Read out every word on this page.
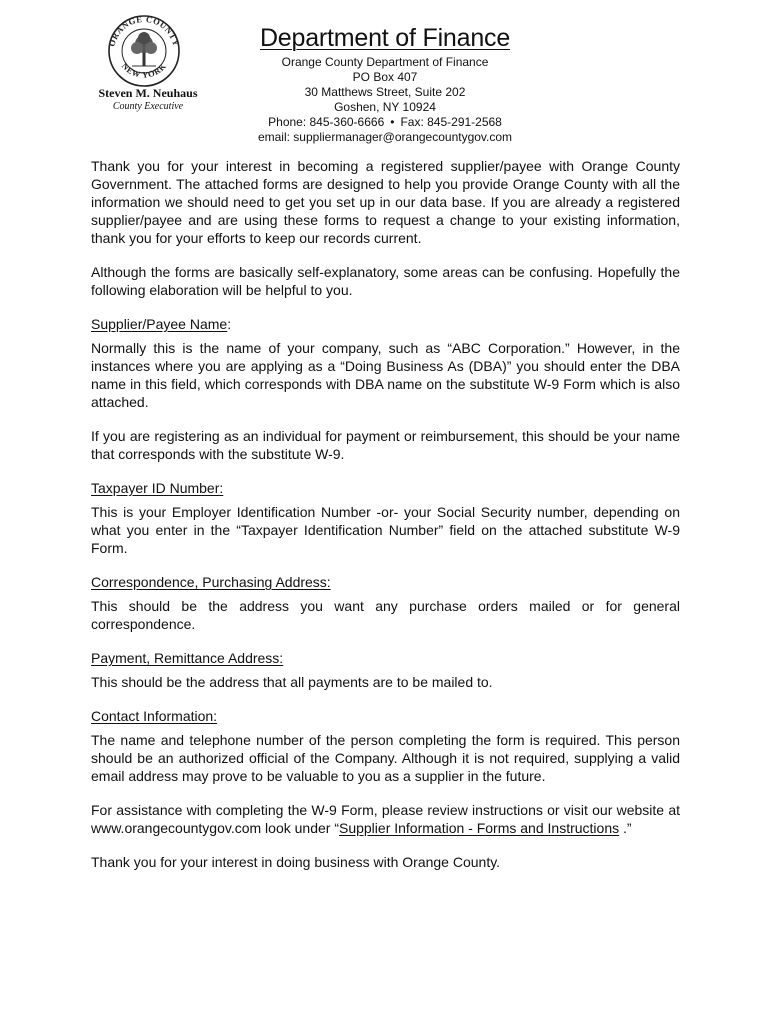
ORANGE COUNTY
NEW YORK
Steven M. Neuhaus
County Executive
Department of Finance
Orange County Department of Finance
PO Box 407
30 Matthews Street, Suite 202
Goshen, NY 10924
Phone: 845-360-6666 • Fax: 845-291-2568
email: suppliermanager@orangecountygov.com

Thank you for your interest in becoming a registered supplier/payee with Orange County Government. The attached forms are designed to help you provide Orange County with all the information we should need to get you set up in our data base. If you are already a registered supplier/payee and are using these forms to request a change to your existing information, thank you for your efforts to keep our records current.

Although the forms are basically self-explanatory, some areas can be confusing. Hopefully the following elaboration will be helpful to you.

Supplier/Payee Name:

Normally this is the name of your company, such as “ABC Corporation.” However, in the instances where you are applying as a “Doing Business As (DBA)” you should enter the DBA name in this field, which corresponds with DBA name on the substitute W-9 Form which is also attached.

If you are registering as an individual for payment or reimbursement, this should be your name that corresponds with the substitute W-9.

Taxpayer ID Number:

This is your Employer Identification Number -or- your Social Security number, depending on what you enter in the “Taxpayer Identification Number” field on the attached substitute W-9 Form.

Correspondence, Purchasing Address:

This should be the address you want any purchase orders mailed or for general correspondence.

Payment, Remittance Address:

This should be the address that all payments are to be mailed to.

Contact Information:

The name and telephone number of the person completing the form is required. This person should be an authorized official of the Company. Although it is not required, supplying a valid email address may prove to be valuable to you as a supplier in the future.

For assistance with completing the W-9 Form, please review instructions or visit our website at www.orangecountygov.com look under “Supplier Information - Forms and Instructions .”

Thank you for your interest in doing business with Orange County.
